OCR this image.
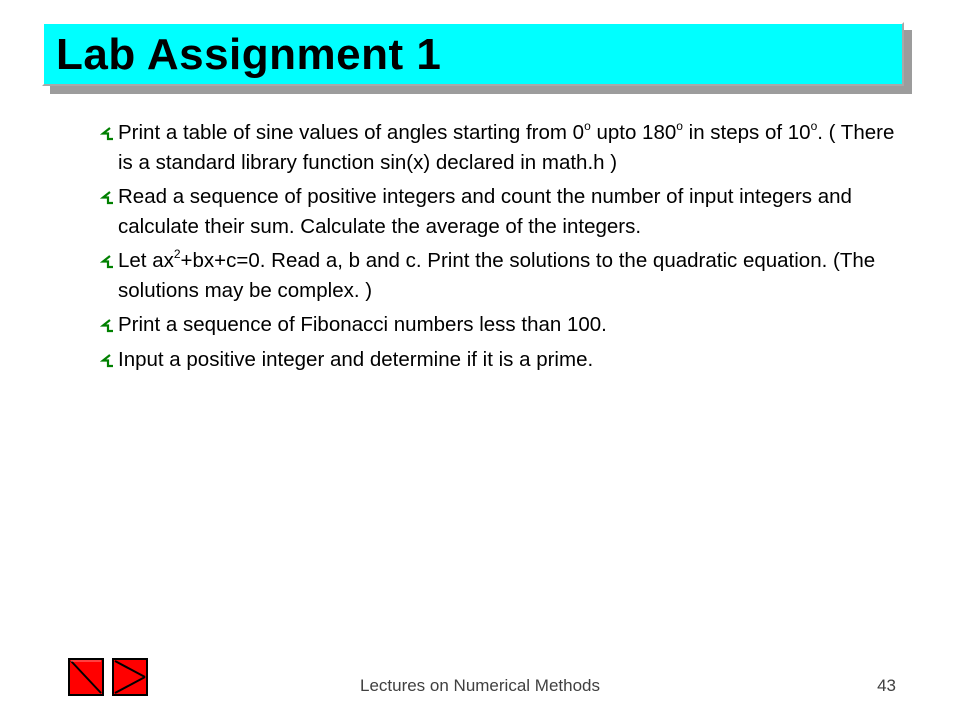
Lab Assignment 1
Print a table of sine values of angles starting from 0$^o$ upto 180$^o$ in steps of 10$^o$. ( There is a standard library function sin(x) declared in math.h )
Read a sequence of positive integers and count the number of input integers and calculate their sum. Calculate the average of the integers.
Let $ax^2+bx+c=0$. Read a, b and c. Print the solutions to the quadratic equation. (The solutions may be complex. )
Print a sequence of Fibonacci numbers less than 100.
Input a positive integer and determine if it is a prime.
Lectures on Numerical Methods	43
